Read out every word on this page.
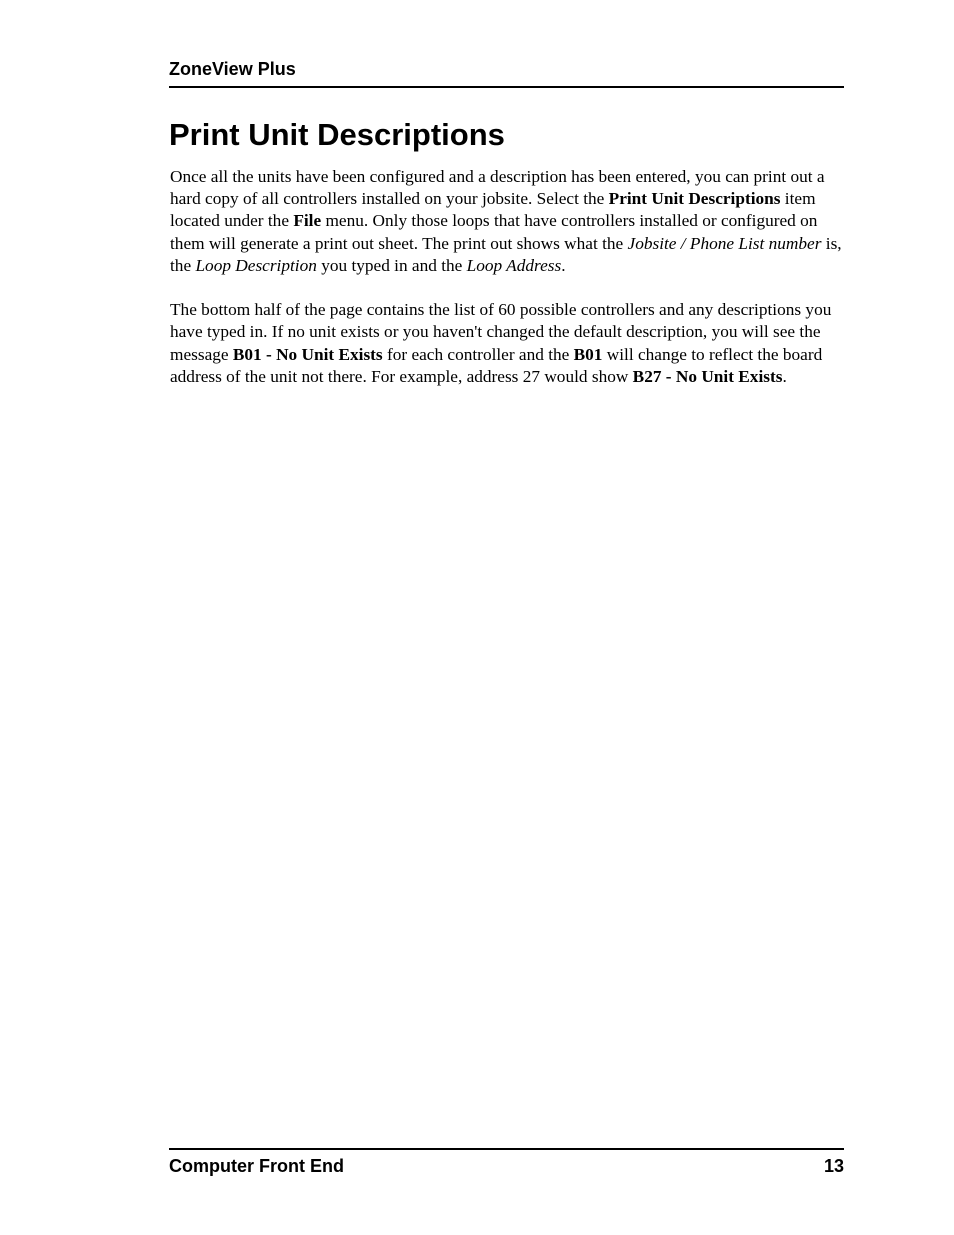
ZoneView Plus
Print Unit Descriptions

Once all the units have been configured and a description has been entered, you can print out a hard copy of all controllers installed on your jobsite. Select the Print Unit Descriptions item located under the File menu. Only those loops that have controllers installed or configured on them will generate a print out sheet. The print out shows what the Jobsite / Phone List number is, the Loop Description you typed in and the Loop Address.

The bottom half of the page contains the list of 60 possible controllers and any descriptions you have typed in. If no unit exists or you haven't changed the default description, you will see the message B01 - No Unit Exists for each controller and the B01 will change to reflect the board address of the unit not there. For example, address 27 would show B27 - No Unit Exists.

Computer Front End	13
